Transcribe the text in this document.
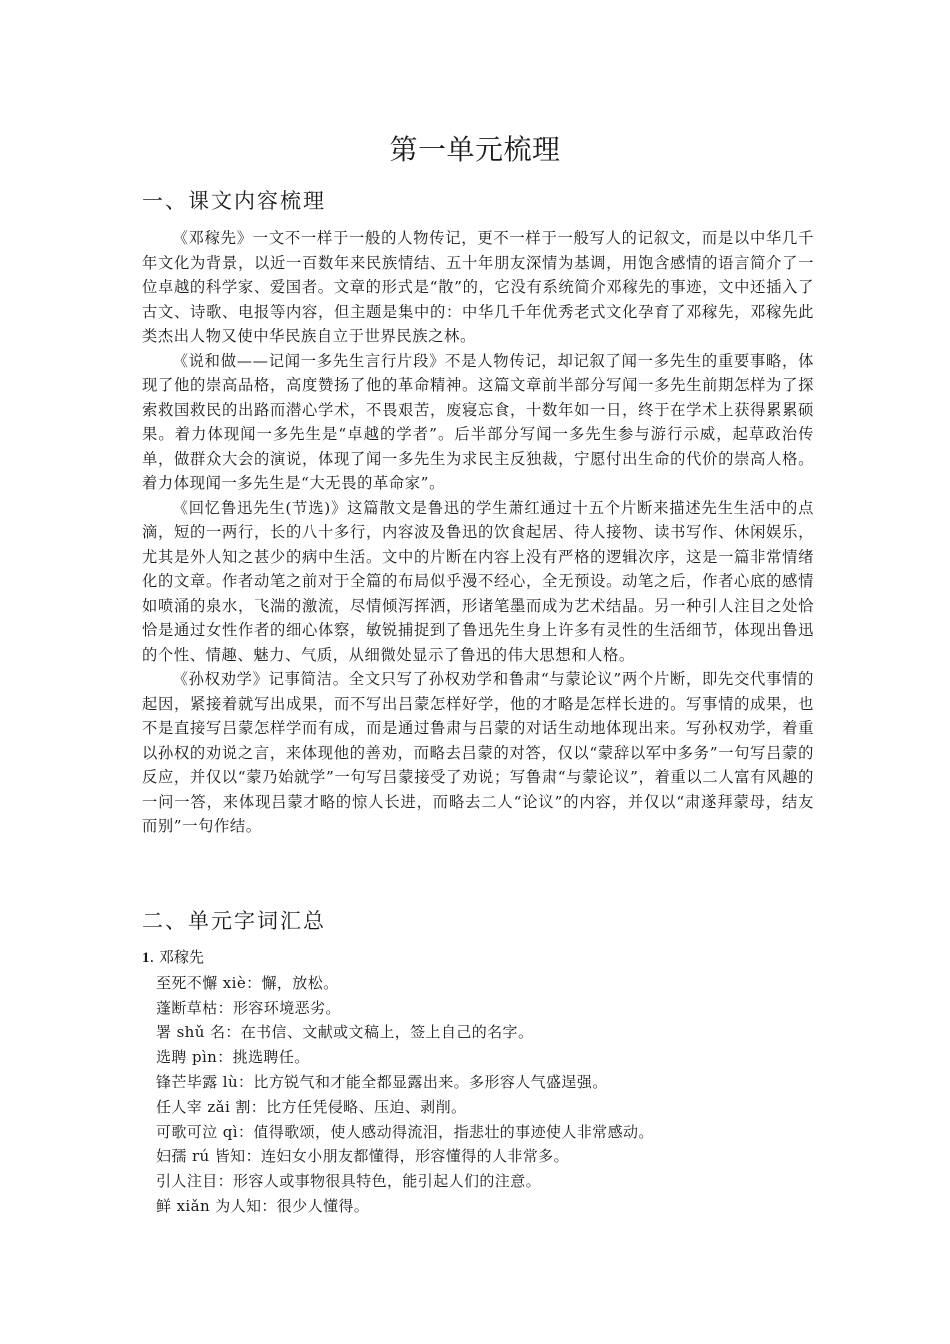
第一单元梳理
一、课文内容梳理

《邓稼先》一文不一样于一般的人物传记，更不一样于一般写人的记叙文，而是以中华几千年文化为背景，以近一百数年来民族情结、五十年朋友深情为基调，用饱含感情的语言简介了一位卓越的科学家、爱国者。文章的形式是“散”的，它没有系统简介邓稼先的事迹，文中还插入了古文、诗歌、电报等内容，但主题是集中的：中华几千年优秀老式文化孕育了邓稼先，邓稼先此类杰出人物又使中华民族自立于世界民族之林。

《说和做——记闻一多先生言行片段》不是人物传记，却记叙了闻一多先生的重要事略，体现了他的崇高品格，高度赞扬了他的革命精神。这篇文章前半部分写闻一多先生前期怎样为了探索救国救民的出路而潜心学术，不畏艰苦，废寝忘食，十数年如一日，终于在学术上获得累累硕果。着力体现闻一多先生是“卓越的学者”。后半部分写闻一多先生参与游行示威，起草政治传单，做群众大会的演说，体现了闻一多先生为求民主反独裁，宁愿付出生命的代价的崇高人格。着力体现闻一多先生是“大无畏的革命家”。

《回忆鲁迅先生(节选)》这篇散文是鲁迅的学生萧红通过十五个片断来描述先生生活中的点滴，短的一两行，长的八十多行，内容波及鲁迅的饮食起居、待人接物、读书写作、休闲娱乐，尤其是外人知之甚少的病中生活。文中的片断在内容上没有严格的逻辑次序，这是一篇非常情绪化的文章。作者动笔之前对于全篇的布局似乎漫不经心，全无预设。动笔之后，作者心底的感情如喷涌的泉水，飞湍的激流，尽情倾泻挥洒，形诸笔墨而成为艺术结晶。另一种引人注目之处恰恰是通过女性作者的细心体察，敏锐捕捉到了鲁迅先生身上许多有灵性的生活细节，体现出鲁迅的个性、情趣、魅力、气质，从细微处显示了鲁迅的伟大思想和人格。

《孙权劝学》记事简洁。全文只写了孙权劝学和鲁肃“与蒙论议”两个片断，即先交代事情的起因，紧接着就写出成果，而不写出吕蒙怎样好学，他的才略是怎样长进的。写事情的成果，也不是直接写吕蒙怎样学而有成，而是通过鲁肃与吕蒙的对话生动地体现出来。写孙权劝学，着重以孙权的劝说之言，来体现他的善劝，而略去吕蒙的对答，仅以“蒙辞以军中多务”一句写吕蒙的反应，并仅以“蒙乃始就学”一句写吕蒙接受了劝说；写鲁肃“与蒙论议”，着重以二人富有风趣的一问一答，来体现吕蒙才略的惊人长进，而略去二人“论议”的内容，并仅以“肃遂拜蒙母，结友而别”一句作结。

二、单元字词汇总

1. 邓稼先

至死不懈 xiè：懈，放松。
蓬断草枯：形容环境恶劣。
署 shǔ 名：在书信、文献或文稿上，签上自己的名字。
选聘 pìn：挑选聘任。
锋芒毕露 lù：比方锐气和才能全都显露出来。多形容人气盛逞强。
任人宰 zǎi 割：比方任凭侵略、压迫、剥削。
可歌可泣 qì：值得歌颂，使人感动得流泪，指悲壮的事迹使人非常感动。
妇孺 rú 皆知：连妇女小朋友都懂得，形容懂得的人非常多。
引人注目：形容人或事物很具特色，能引起人们的注意。
鲜 xiǎn 为人知：很少人懂得。
